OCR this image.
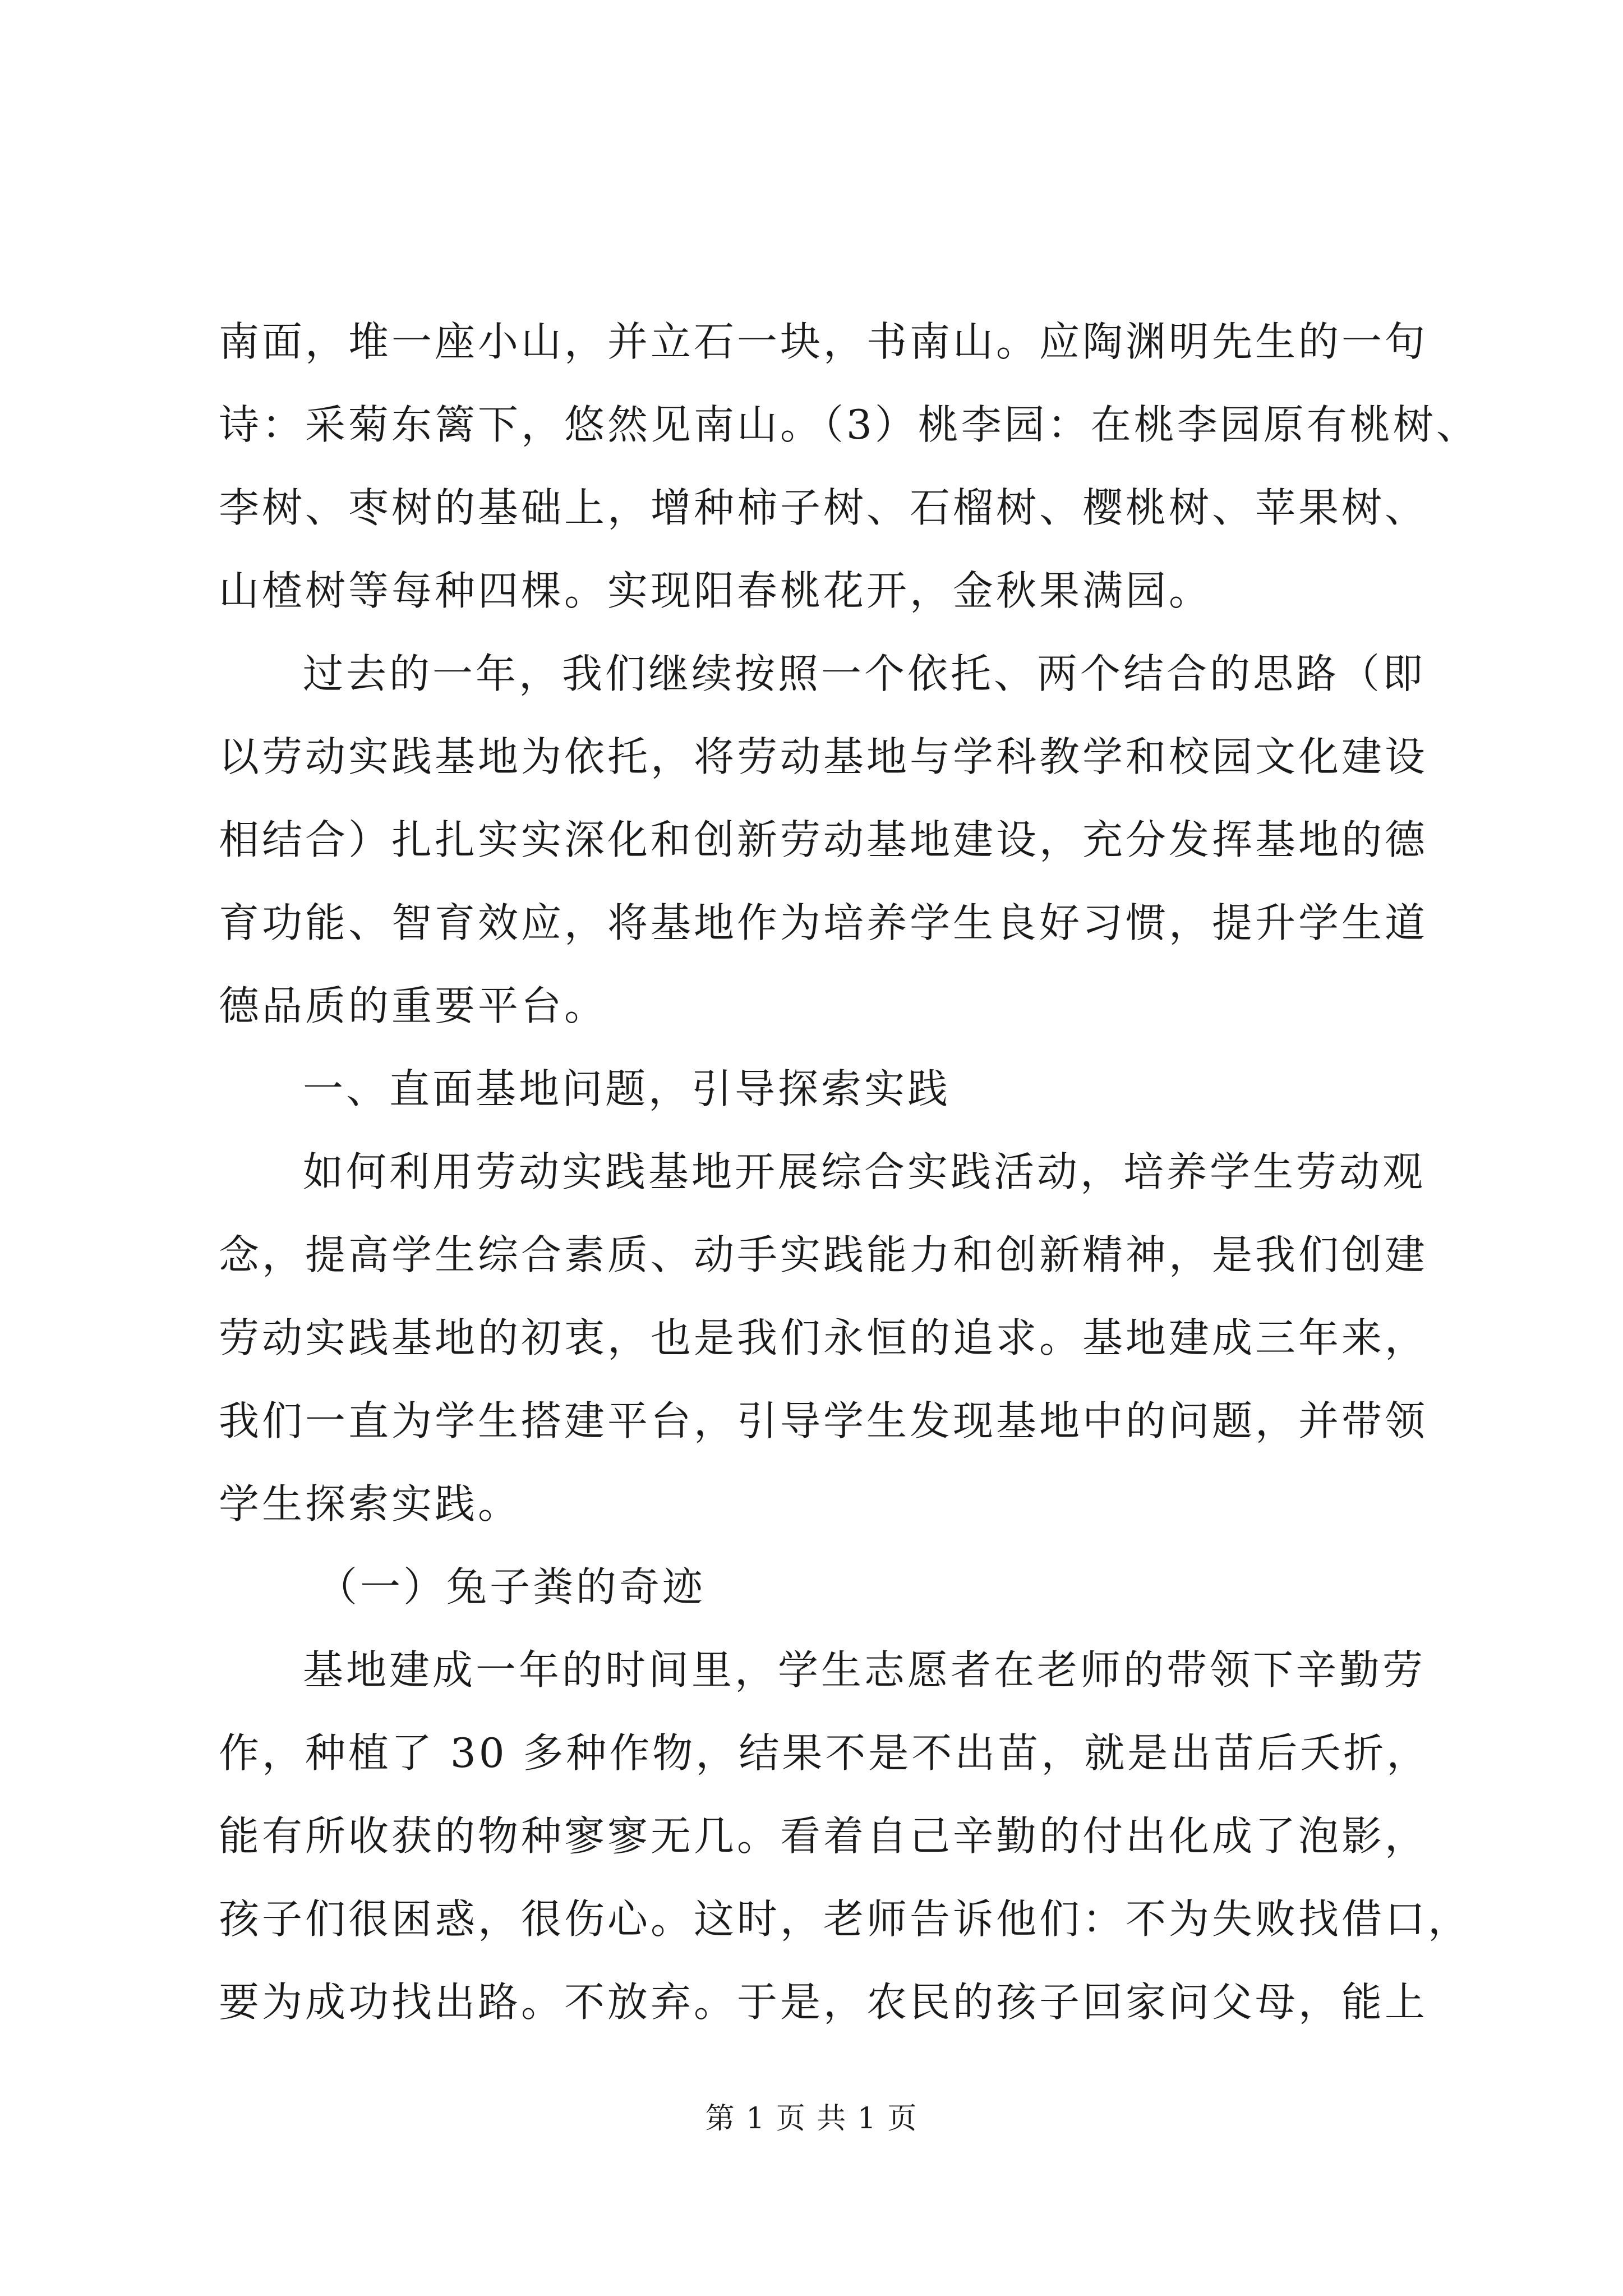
南面，堆一座小山，并立石一块，书南山。应陶渊明先生的一句
诗：采菊东篱下，悠然见南山。（3）桃李园：在桃李园原有桃树、
李树、枣树的基础上，增种柿子树、石榴树、樱桃树、苹果树、
山楂树等每种四棵。实现阳春桃花开，金秋果满园。
过去的一年，我们继续按照一个依托、两个结合的思路（即
以劳动实践基地为依托，将劳动基地与学科教学和校园文化建设
相结合）扎扎实实深化和创新劳动基地建设，充分发挥基地的德
育功能、智育效应，将基地作为培养学生良好习惯，提升学生道
德品质的重要平台。
一、直面基地问题，引导探索实践
如何利用劳动实践基地开展综合实践活动，培养学生劳动观
念，提高学生综合素质、动手实践能力和创新精神，是我们创建
劳动实践基地的初衷，也是我们永恒的追求。基地建成三年来，
我们一直为学生搭建平台，引导学生发现基地中的问题，并带领
学生探索实践。
（一）兔子粪的奇迹
基地建成一年的时间里，学生志愿者在老师的带领下辛勤劳
作，种植了 30 多种作物，结果不是不出苗，就是出苗后夭折，
能有所收获的物种寥寥无几。看着自己辛勤的付出化成了泡影，
孩子们很困惑，很伤心。这时，老师告诉他们：不为失败找借口，
要为成功找出路。不放弃。于是，农民的孩子回家问父母，能上
第 1 页 共 1 页
